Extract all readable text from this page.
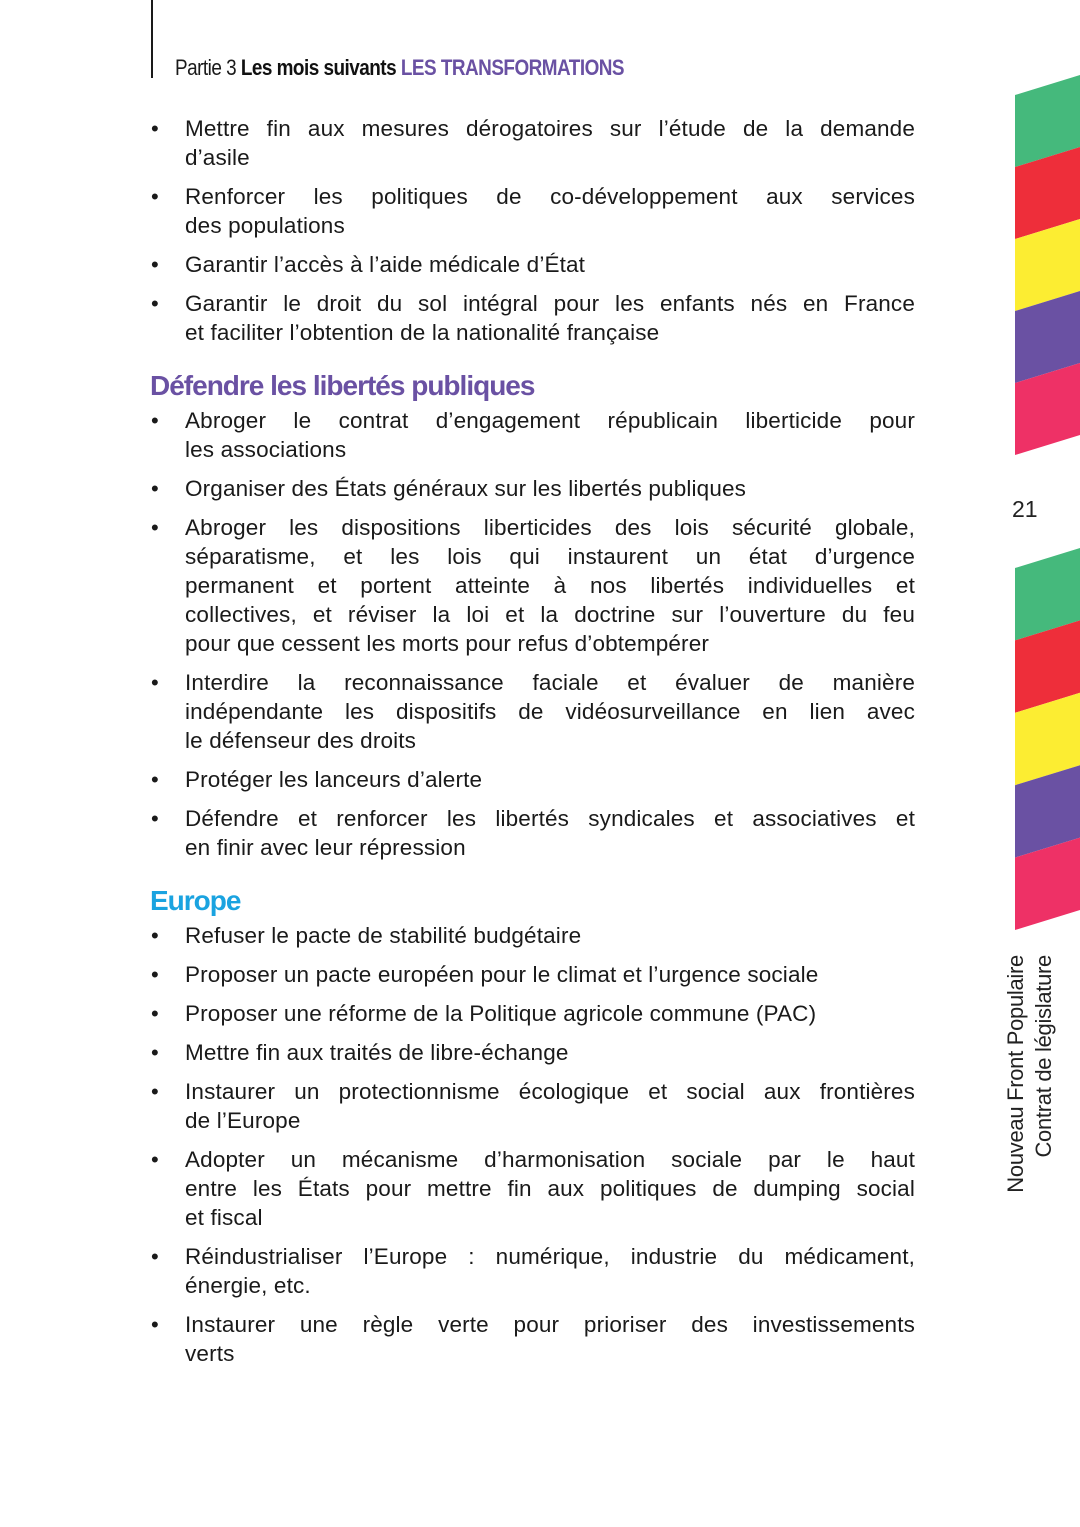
Partie 3 Les mois suivants LES TRANSFORMATIONS
• Mettre fin aux mesures dérogatoires sur l’étude de la demande
d’asile
• Renforcer les politiques de co-développement aux services
des populations
• Garantir l’accès à l’aide médicale d’État
• Garantir le droit du sol intégral pour les enfants nés en France
et faciliter l’obtention de la nationalité française
Défendre les libertés publiques
• Abroger le contrat d’engagement républicain liberticide pour
les associations
• Organiser des États généraux sur les libertés publiques
• Abroger les dispositions liberticides des lois sécurité globale,
séparatisme, et les lois qui instaurent un état d’urgence
permanent et portent atteinte à nos libertés individuelles et
collectives, et réviser la loi et la doctrine sur l’ouverture du feu
pour que cessent les morts pour refus d’obtempérer
• Interdire la reconnaissance faciale et évaluer de manière
indépendante les dispositifs de vidéosurveillance en lien avec
le défenseur des droits
• Protéger les lanceurs d’alerte
• Défendre et renforcer les libertés syndicales et associatives et
en finir avec leur répression
Europe
• Refuser le pacte de stabilité budgétaire
• Proposer un pacte européen pour le climat et l’urgence sociale
• Proposer une réforme de la Politique agricole commune (PAC)
• Mettre fin aux traités de libre-échange
• Instaurer un protectionnisme écologique et social aux frontières
de l’Europe
• Adopter un mécanisme d’harmonisation sociale par le haut
entre les États pour mettre fin aux politiques de dumping social
et fiscal
• Réindustrialiser l’Europe : numérique, industrie du médicament,
énergie, etc.
• Instaurer une règle verte pour prioriser des investissements
verts
21
Nouveau Front Populaire Contrat de législature
